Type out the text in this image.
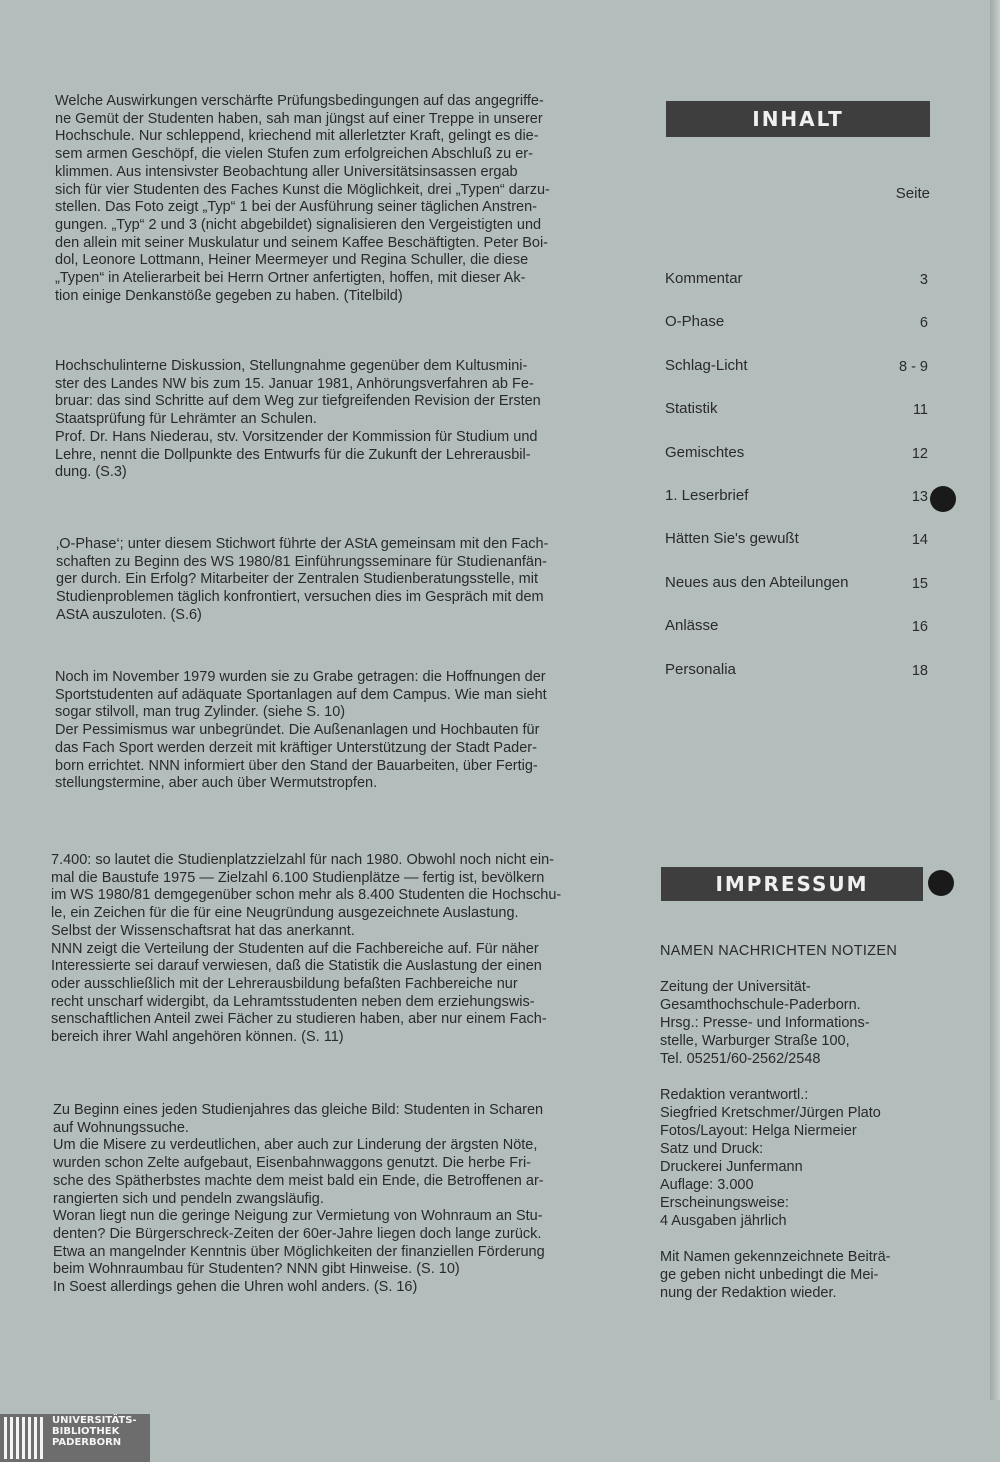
Welche Auswirkungen verschärfte Prüfungsbedingungen auf das angegriffe-
ne Gemüt der Studenten haben, sah man jüngst auf einer Treppe in unserer
Hochschule. Nur schleppend, kriechend mit allerletzter Kraft, gelingt es die-
sem armen Geschöpf, die vielen Stufen zum erfolgreichen Abschluß zu er-
klimmen. Aus intensivster Beobachtung aller Universitätsinsassen ergab
sich für vier Studenten des Faches Kunst die Möglichkeit, drei „Typen“ darzu-
stellen. Das Foto zeigt „Typ“ 1 bei der Ausführung seiner täglichen Anstren-
gungen. „Typ“ 2 und 3 (nicht abgebildet) signalisieren den Vergeistigten und
den allein mit seiner Muskulatur und seinem Kaffee Beschäftigten. Peter Boi-
dol, Leonore Lottmann, Heiner Meermeyer und Regina Schuller, die diese
„Typen“ in Atelierarbeit bei Herrn Ortner anfertigten, hoffen, mit dieser Ak-
tion einige Denkanstöße gegeben zu haben. (Titelbild)

Hochschulinterne Diskussion, Stellungnahme gegenüber dem Kultusmini-
ster des Landes NW bis zum 15. Januar 1981, Anhörungsverfahren ab Fe-
bruar: das sind Schritte auf dem Weg zur tiefgreifenden Revision der Ersten
Staatsprüfung für Lehrämter an Schulen.
Prof. Dr. Hans Niederau, stv. Vorsitzender der Kommission für Studium und
Lehre, nennt die Dollpunkte des Entwurfs für die Zukunft der Lehrerausbil-
dung. (S.3)

‚O-Phase‘; unter diesem Stichwort führte der AStA gemeinsam mit den Fach-
schaften zu Beginn des WS 1980/81 Einführungsseminare für Studienanfän-
ger durch. Ein Erfolg? Mitarbeiter der Zentralen Studienberatungsstelle, mit
Studienproblemen täglich konfrontiert, versuchen dies im Gespräch mit dem
AStA auszuloten. (S.6)

Noch im November 1979 wurden sie zu Grabe getragen: die Hoffnungen der
Sportstudenten auf adäquate Sportanlagen auf dem Campus. Wie man sieht
sogar stilvoll, man trug Zylinder. (siehe S. 10)
Der Pessimismus war unbegründet. Die Außenanlagen und Hochbauten für
das Fach Sport werden derzeit mit kräftiger Unterstützung der Stadt Pader-
born errichtet. NNN informiert über den Stand der Bauarbeiten, über Fertig-
stellungstermine, aber auch über Wermutstropfen.

7.400: so lautet die Studienplatzzielzahl für nach 1980. Obwohl noch nicht ein-
mal die Baustufe 1975 — Zielzahl 6.100 Studienplätze — fertig ist, bevölkern
im WS 1980/81 demgegenüber schon mehr als 8.400 Studenten die Hochschu-
le, ein Zeichen für die für eine Neugründung ausgezeichnete Auslastung.
Selbst der Wissenschaftsrat hat das anerkannt.
NNN zeigt die Verteilung der Studenten auf die Fachbereiche auf. Für näher
Interessierte sei darauf verwiesen, daß die Statistik die Auslastung der einen
oder ausschließlich mit der Lehrerausbildung befaßten Fachbereiche nur
recht unscharf widergibt, da Lehramtsstudenten neben dem erziehungswis-
senschaftlichen Anteil zwei Fächer zu studieren haben, aber nur einem Fach-
bereich ihrer Wahl angehören können. (S. 11)

Zu Beginn eines jeden Studienjahres das gleiche Bild: Studenten in Scharen
auf Wohnungssuche.
Um die Misere zu verdeutlichen, aber auch zur Linderung der ärgsten Nöte,
wurden schon Zelte aufgebaut, Eisenbahnwaggons genutzt. Die herbe Fri-
sche des Spätherbstes machte dem meist bald ein Ende, die Betroffenen ar-
rangierten sich und pendeln zwangsläufig.
Woran liegt nun die geringe Neigung zur Vermietung von Wohnraum an Stu-
denten? Die Bürgerschreck-Zeiten der 60er-Jahre liegen doch lange zurück.
Etwa an mangelnder Kenntnis über Möglichkeiten der finanziellen Förderung
beim Wohnraumbau für Studenten? NNN gibt Hinweise. (S. 10)
In Soest allerdings gehen die Uhren wohl anders. (S. 16)

INHALT
Seite
Kommentar	3
O-Phase	6
Schlag-Licht	8 - 9
Statistik	11
Gemischtes	12
1. Leserbrief	13
Hätten Sie's gewußt	14
Neues aus den Abteilungen	15
Anlässe	16
Personalia	18
IMPRESSUM

NAMEN NACHRICHTEN NOTIZEN

Zeitung der Universität-
Gesamthochschule-Paderborn.
Hrsg.: Presse- und Informations-
stelle, Warburger Straße 100,
Tel. 05251/60-2562/2548

Redaktion verantwortl.:
Siegfried Kretschmer/Jürgen Plato
Fotos/Layout: Helga Niermeier
Satz und Druck:
Druckerei Junfermann
Auflage: 3.000
Erscheinungsweise:
4 Ausgaben jährlich

Mit Namen gekennzeichnete Beiträ-
ge geben nicht unbedingt die Mei-
nung der Redaktion wieder.

UNIVERSITÄTS-
BIBLIOTHEK
PADERBORN
